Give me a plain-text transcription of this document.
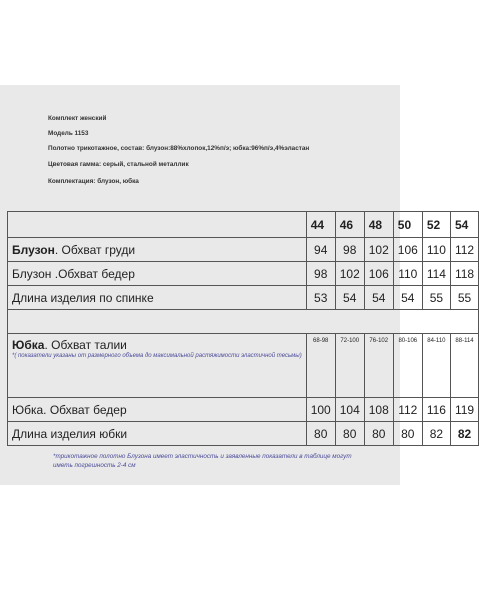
Комплект женский
Модель 1153
Полотно трикотажное, состав: блузон:88%хлопок,12%п/э; юбка:96%п/э,4%эластан
Цветовая гамма: серый, стальной металлик
Комплектация: блузон, юбка
	44	46	48	50	52	54
Блузон. Обхват груди	94	98	102	106	110	112
Блузон .Обхват бедер	98	102	106	110	114	118
Длина изделия по спинке	53	54	54	54	55	55

Юбка. Обхват талии
*( показатели указаны от размерного объема до максимальной растяжимости эластичной тесьмы)	68-98	72-100	76-102	80-106	84-110	88-114
Юбка. Обхват бедер	100	104	108	112	116	119
Длина изделия юбки	80	80	80	80	82	82
*трикотажное полотно Блузона имеет эластичность и заявленные показатели в таблице могут иметь погрешность 2-4 см
